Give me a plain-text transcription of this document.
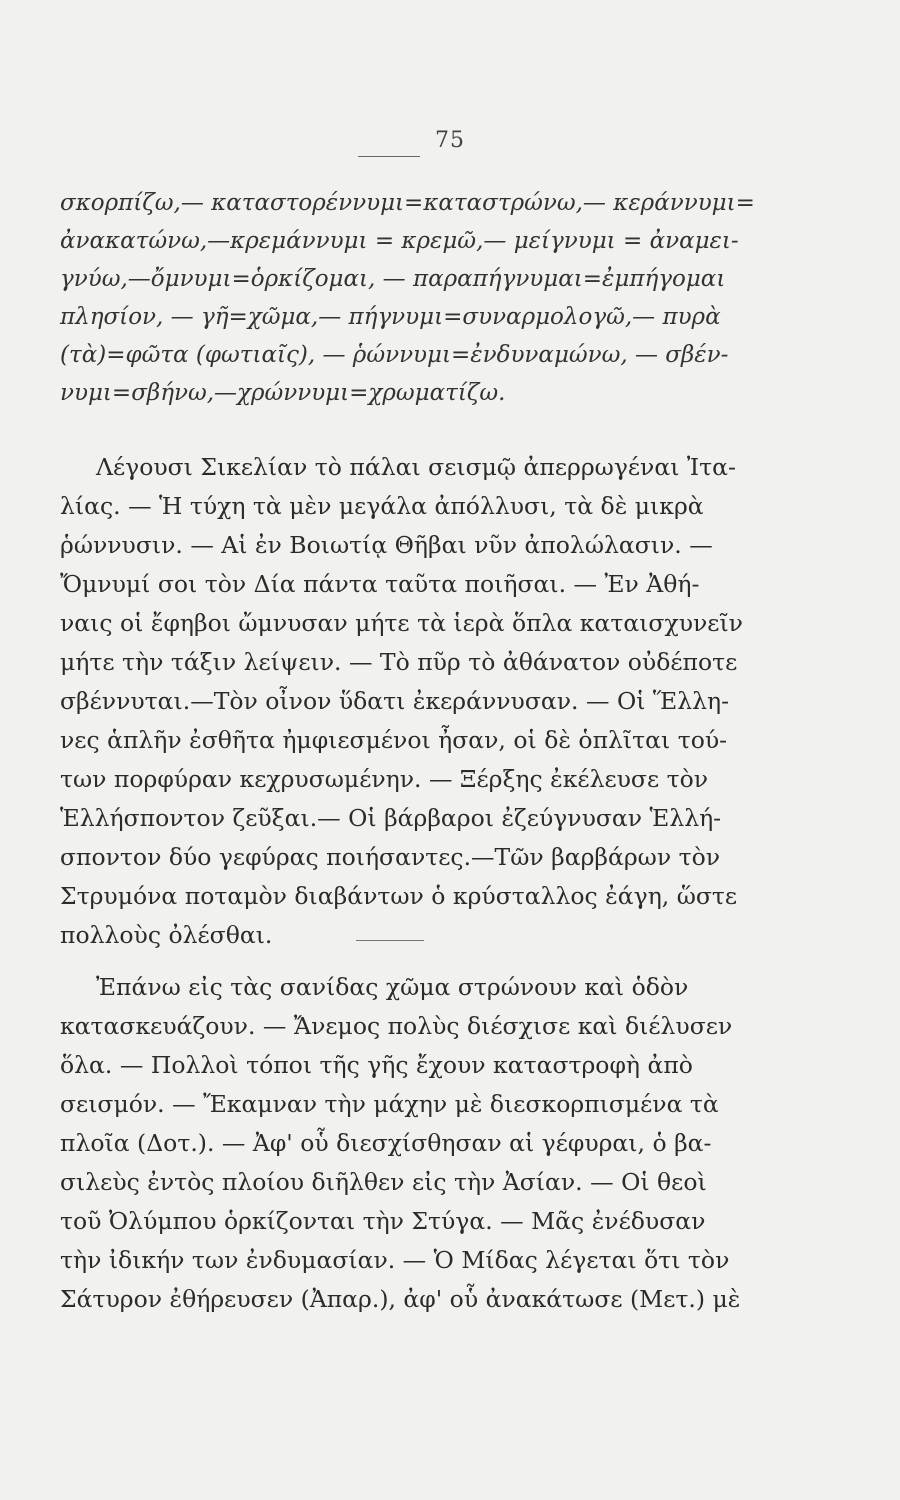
75
σκορπίζω,— καταστορέννυμι=καταστρώνω,— κεράννυμι=
ἀνακατώνω,—κρεμάννυμι = κρεμῶ,— μείγνυμι = ἀναμει-
γνύω,—ὄμνυμι=ὁρκίζομαι, — παραπήγνυμαι=ἐμπήγομαι
πλησίον, — γῆ=χῶμα,— πήγνυμι=συναρμολογῶ,— πυρὰ
(τὰ)=φῶτα (φωτιαῖς), — ῥώννυμι=ἐνδυναμώνω, — σβέν-
νυμι=σβήνω,—χρώννυμι=χρωματίζω.
Λέγουσι Σικελίαν τὸ πάλαι σεισμῷ ἀπερρωγέναι Ἰτα-
λίας. — Ἡ τύχη τὰ μὲν μεγάλα ἀπόλλυσι, τὰ δὲ μικρὰ
ῥώννυσιν. — Αἱ ἐν Βοιωτίᾳ Θῆβαι νῦν ἀπολώλασιν. —
Ὄμνυμί σοι τὸν Δία πάντα ταῦτα ποιῆσαι. — Ἐν Ἀθή-
ναις οἱ ἔφηβοι ὤμνυσαν μήτε τὰ ἱερὰ ὅπλα καταισχυνεῖν
μήτε τὴν τάξιν λείψειν. — Τὸ πῦρ τὸ ἀθάνατον οὐδέποτε
σβέννυται.—Τὸν οἶνον ὕδατι ἐκεράννυσαν. — Οἱ Ἕλλη-
νες ἁπλῆν ἐσθῆτα ἠμφιεσμένοι ἦσαν, οἱ δὲ ὁπλῖται τού-
των πορφύραν κεχρυσωμένην. — Ξέρξης ἐκέλευσε τὸν
Ἑλλήσποντον ζεῦξαι.— Οἱ βάρβαροι ἐζεύγνυσαν Ἑλλή-
σποντον δύο γεφύρας ποιήσαντες.—Τῶν βαρβάρων τὸν
Στρυμόνα ποταμὸν διαβάντων ὁ κρύσταλλος ἐάγη, ὥστε
πολλοὺς ὀλέσθαι.
Ἐπάνω εἰς τὰς σανίδας χῶμα στρώνουν καὶ ὁδὸν
κατασκευάζουν. — Ἄνεμος πολὺς διέσχισε καὶ διέλυσεν
ὅλα. — Πολλοὶ τόποι τῆς γῆς ἔχουν καταστροφὴ ἀπὸ
σεισμόν. — Ἔκαμναν τὴν μάχην μὲ διεσκορπισμένα τὰ
πλοῖα (Δοτ.). — Ἀφ' οὗ διεσχίσθησαν αἱ γέφυραι, ὁ βα-
σιλεὺς ἐντὸς πλοίου διῆλθεν εἰς τὴν Ἀσίαν. — Οἱ θεοὶ
τοῦ Ὀλύμπου ὁρκίζονται τὴν Στύγα. — Μᾶς ἐνέδυσαν
τὴν ἰδικήν των ἐνδυμασίαν. — Ὁ Μίδας λέγεται ὅτι τὸν
Σάτυρον ἐθήρευσεν (Ἀπαρ.), ἀφ' οὗ ἀνακάτωσε (Μετ.) μὲ
